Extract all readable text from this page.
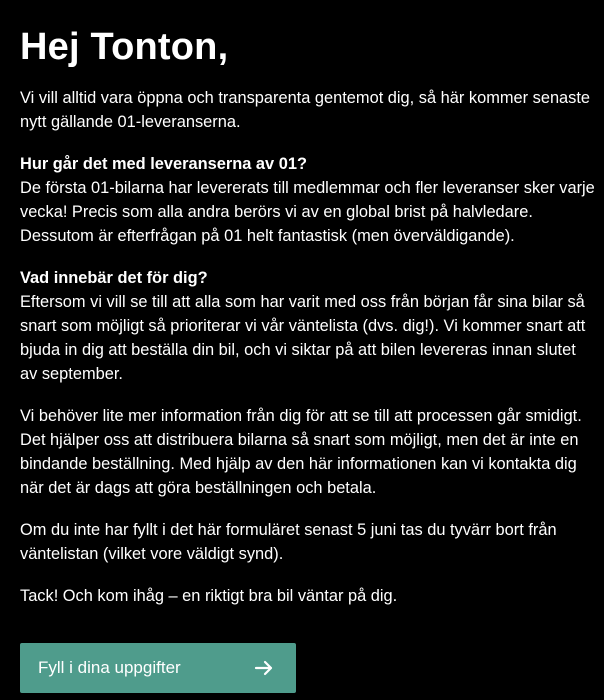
Hej Tonton,

Vi vill alltid vara öppna och transparenta gentemot dig, så här kommer senaste nytt gällande 01-leveranserna.

Hur går det med leveranserna av 01?
De första 01-bilarna har levererats till medlemmar och fler leveranser sker varje vecka! Precis som alla andra berörs vi av en global brist på halvledare. Dessutom är efterfrågan på 01 helt fantastisk (men överväldigande).

Vad innebär det för dig?
Eftersom vi vill se till att alla som har varit med oss från början får sina bilar så snart som möjligt så prioriterar vi vår väntelista (dvs. dig!). Vi kommer snart att bjuda in dig att beställa din bil, och vi siktar på att bilen levereras innan slutet av september.

Vi behöver lite mer information från dig för att se till att processen går smidigt. Det hjälper oss att distribuera bilarna så snart som möjligt, men det är inte en bindande beställning. Med hjälp av den här informationen kan vi kontakta dig när det är dags att göra beställningen och betala.

Om du inte har fyllt i det här formuläret senast 5 juni tas du tyvärr bort från väntelistan (vilket vore väldigt synd).

Tack! Och kom ihåg – en riktigt bra bil väntar på dig.

Fyll i dina uppgifter
